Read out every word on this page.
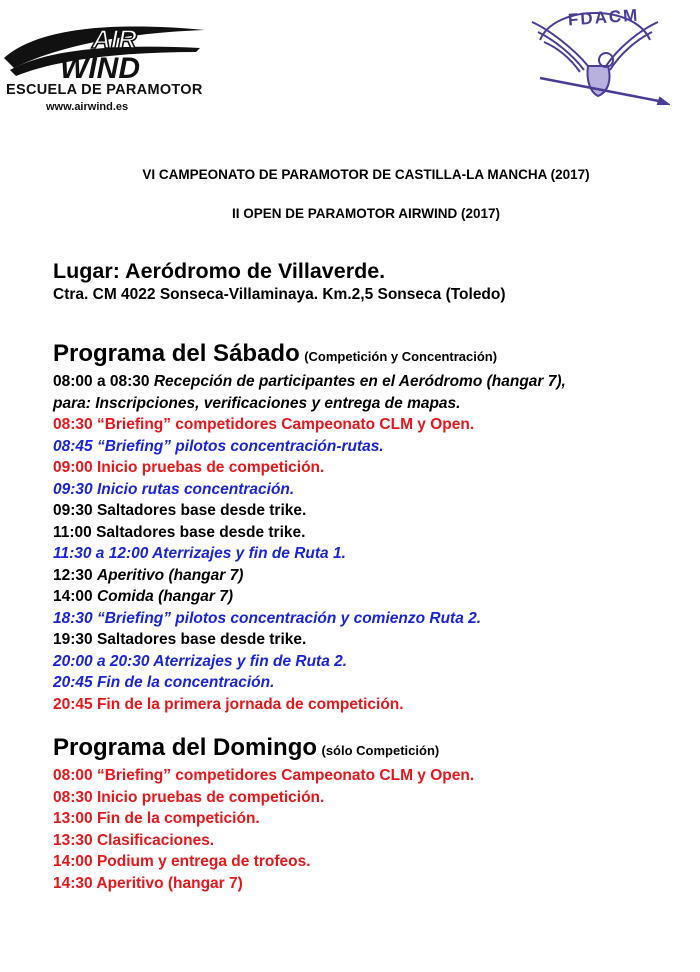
AIR
WIND
ESCUELA DE PARAMOTOR
www.airwind.es
FDACM
VI CAMPEONATO DE PARAMOTOR DE CASTILLA-LA MANCHA (2017)
II OPEN DE PARAMOTOR AIRWIND (2017)
Lugar: Aeródromo de Villaverde.
Ctra. CM 4022 Sonseca-Villaminaya. Km.2,5 Sonseca (Toledo)
Programa del Sábado (Competición y Concentración)
08:00 a 08:30 Recepción de participantes en el Aeródromo (hangar 7),
para: Inscripciones, verificaciones y entrega de mapas.
08:30 “Briefing” competidores Campeonato CLM y Open.
08:45 “Briefing” pilotos concentración-rutas.
09:00 Inicio pruebas de competición.
09:30 Inicio rutas concentración.
09:30 Saltadores base desde trike.
11:00 Saltadores base desde trike.
11:30 a 12:00 Aterrizajes y fin de Ruta 1.
12:30 Aperitivo (hangar 7)
14:00 Comida (hangar 7)
18:30 “Briefing” pilotos concentración y comienzo Ruta 2.
19:30 Saltadores base desde trike.
20:00 a 20:30 Aterrizajes y fin de Ruta 2.
20:45 Fin de la concentración.
20:45 Fin de la primera jornada de competición.
Programa del Domingo (sólo Competición)
08:00 “Briefing” competidores Campeonato CLM y Open.
08:30 Inicio pruebas de competición.
13:00 Fin de la competición.
13:30 Clasificaciones.
14:00 Podium y entrega de trofeos.
14:30 Aperitivo (hangar 7)
